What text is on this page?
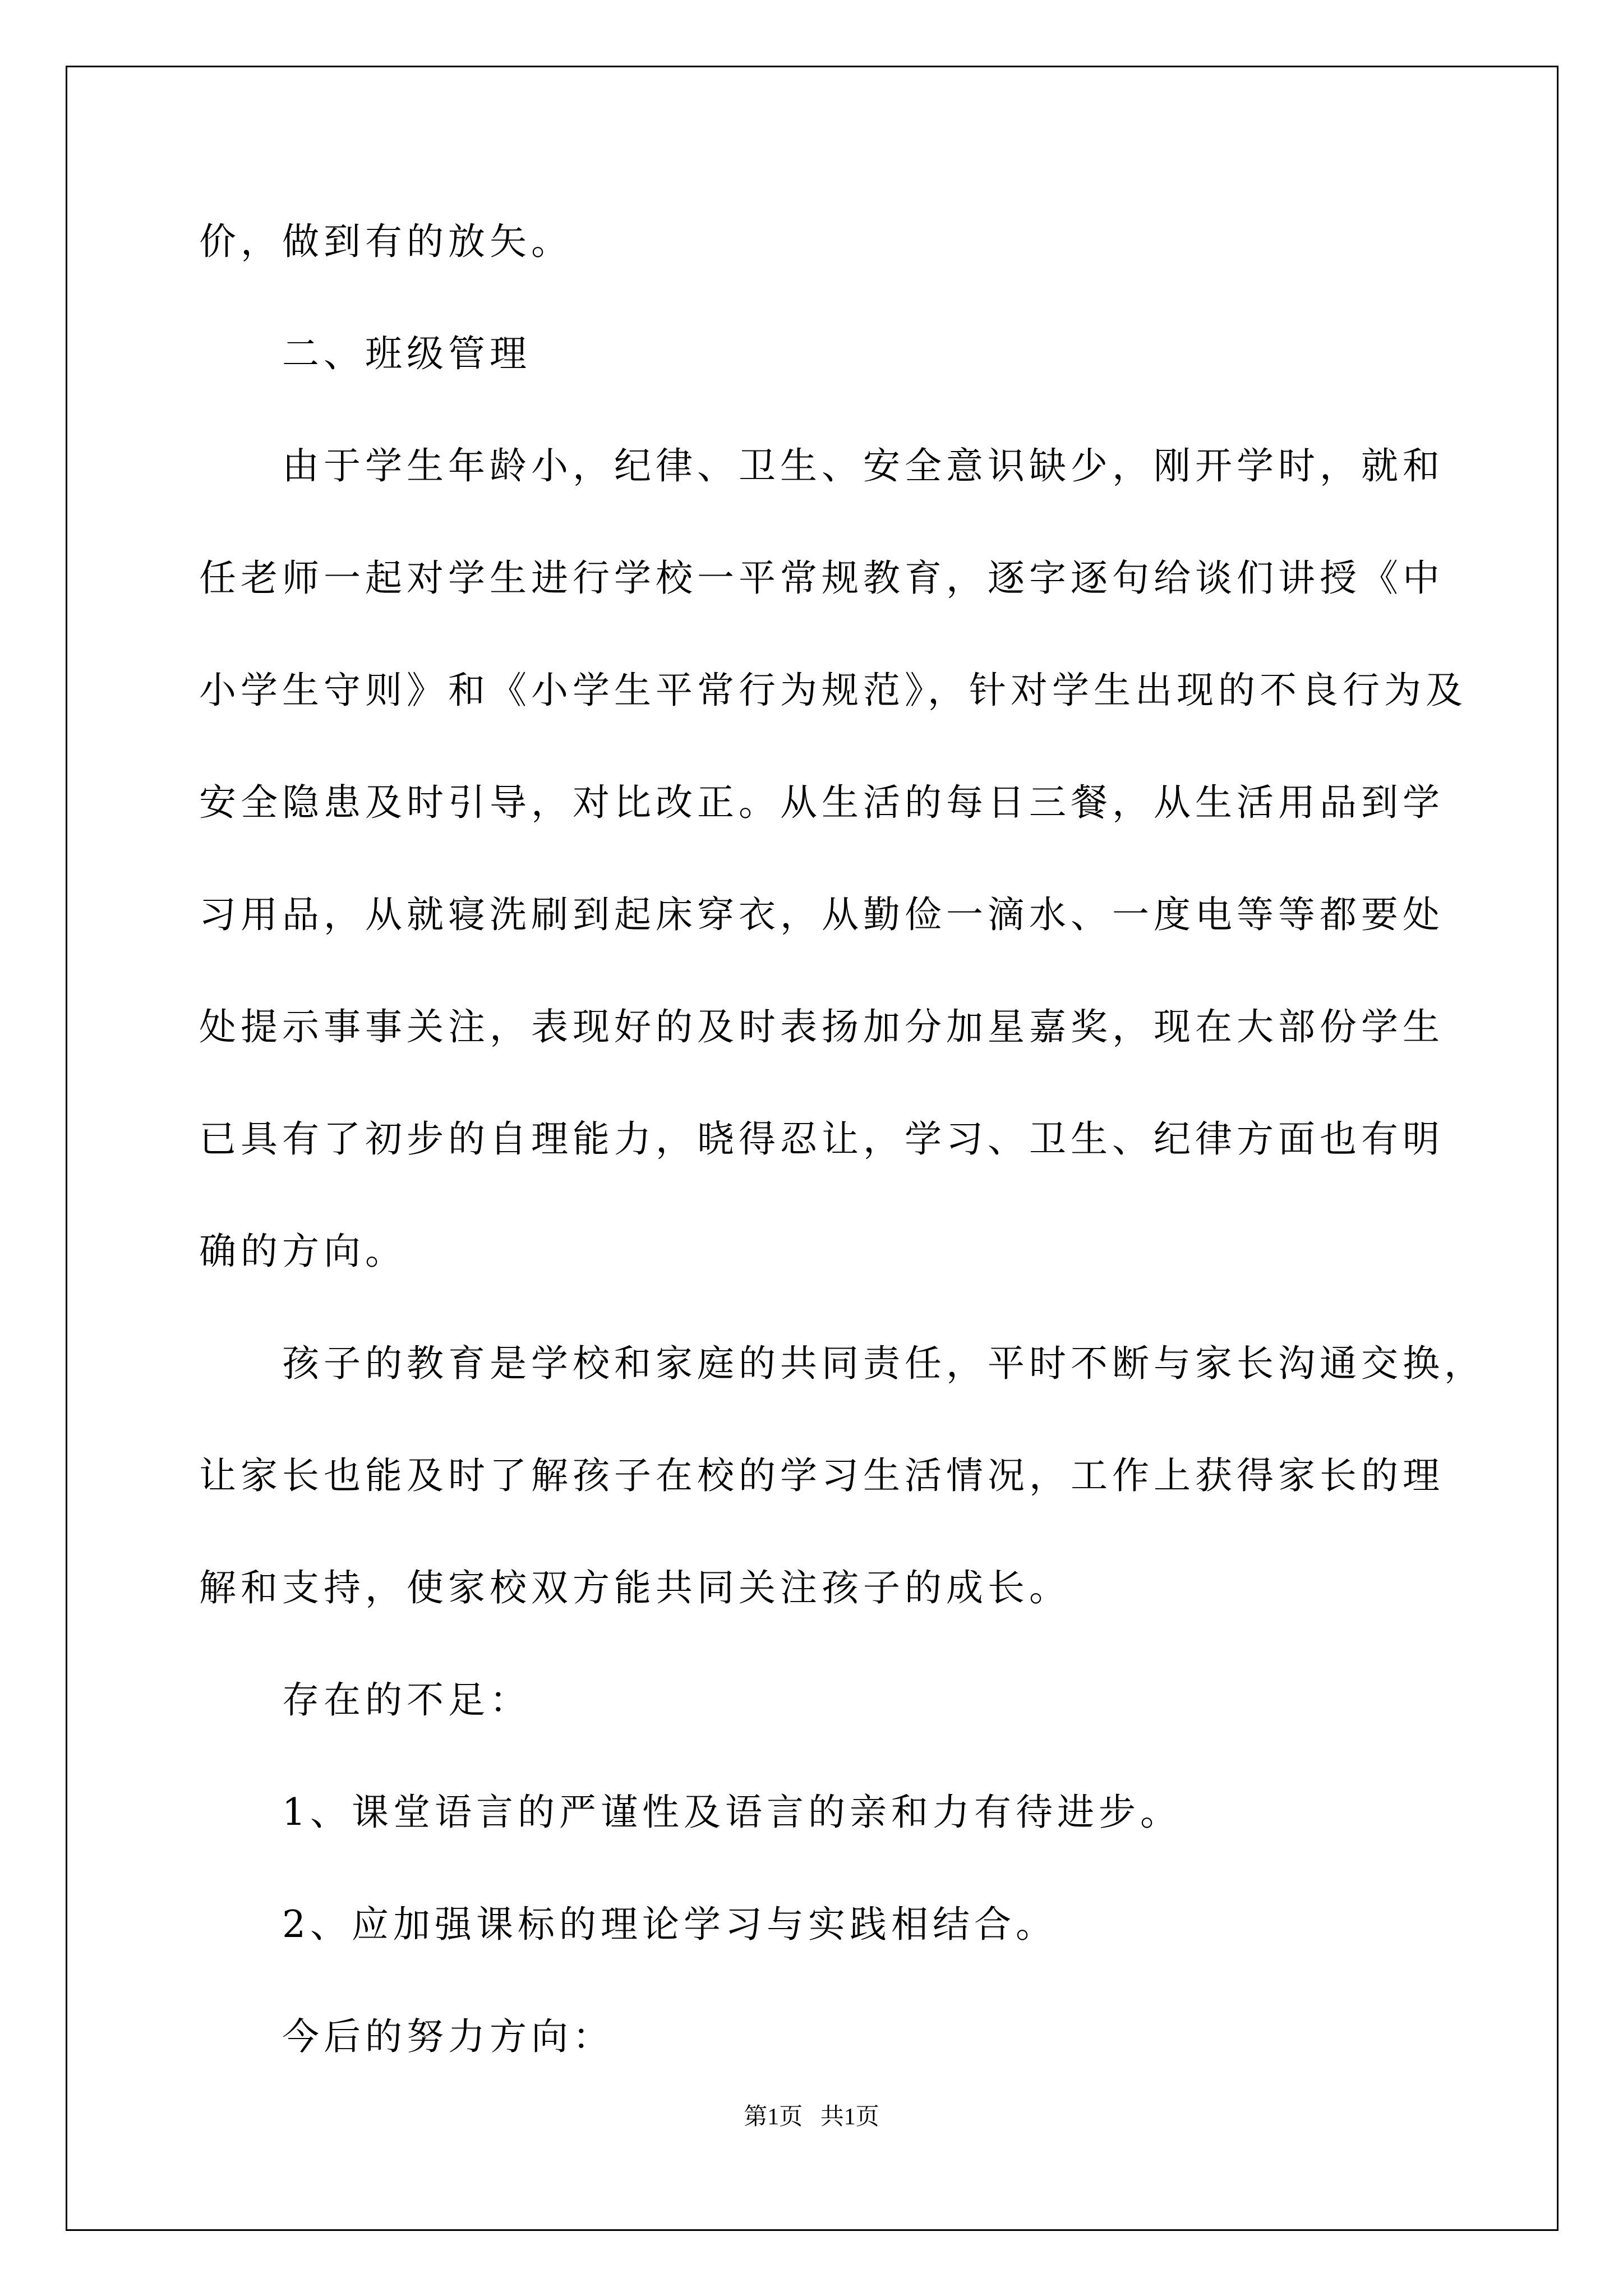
价，做到有的放矢。
二、班级管理
由于学生年龄小，纪律、卫生、安全意识缺少，刚开学时，就和
任老师一起对学生进行学校一平常规教育，逐字逐句给谈们讲授《中
小学生守则》和《小学生平常行为规范》，针对学生出现的不良行为及
安全隐患及时引导，对比改正。从生活的每日三餐，从生活用品到学
习用品，从就寝洗刷到起床穿衣，从勤俭一滴水、一度电等等都要处
处提示事事关注，表现好的及时表扬加分加星嘉奖，现在大部份学生
已具有了初步的自理能力，晓得忍让，学习、卫生、纪律方面也有明
确的方向。
孩子的教育是学校和家庭的共同责任，平时不断与家长沟通交换，
让家长也能及时了解孩子在校的学习生活情况，工作上获得家长的理
解和支持，使家校双方能共同关注孩子的成长。
存在的不足：
1、课堂语言的严谨性及语言的亲和力有待进步。
2、应加强课标的理论学习与实践相结合。
今后的努力方向：
第1页   共1页
